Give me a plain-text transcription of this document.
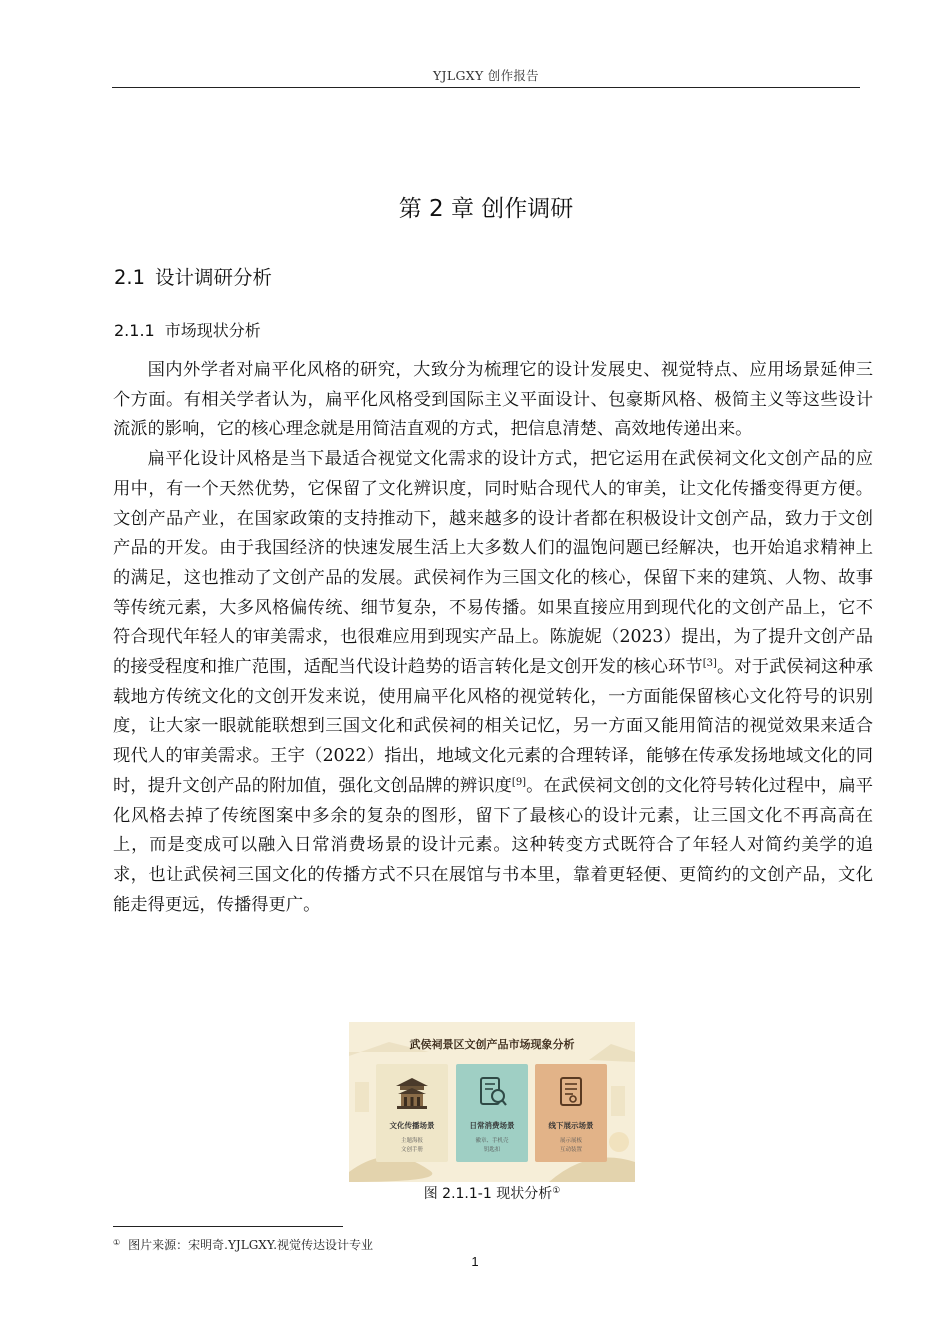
YJLGXY 创作报告
第 2 章 创作调研
2.1 设计调研分析
2.1.1 市场现状分析

国内外学者对扁平化风格的研究，大致分为梳理它的设计发展史、视觉特点、应用场景延伸三个方面。有相关学者认为，扁平化风格受到国际主义平面设计、包豪斯风格、极简主义等这些设计流派的影响，它的核心理念就是用简洁直观的方式，把信息清楚、高效地传递出来。

扁平化设计风格是当下最适合视觉文化需求的设计方式，把它运用在武侯祠文化文创产品的应用中，有一个天然优势，它保留了文化辨识度，同时贴合现代人的审美，让文化传播变得更方便。文创产品产业，在国家政策的支持推动下，越来越多的设计者都在积极设计文创产品，致力于文创产品的开发。由于我国经济的快速发展生活上大多数人们的温饱问题已经解决，也开始追求精神上的满足，这也推动了文创产品的发展。武侯祠作为三国文化的核心，保留下来的建筑、人物、故事等传统元素，大多风格偏传统、细节复杂，不易传播。如果直接应用到现代化的文创产品上，它不符合现代年轻人的审美需求，也很难应用到现实产品上。陈旎妮（2023）提出，为了提升文创产品的接受程度和推广范围，适配当代设计趋势的语言转化是文创开发的核心环节[3]。对于武侯祠这种承载地方传统文化的文创开发来说，使用扁平化风格的视觉转化，一方面能保留核心文化符号的识别度，让大家一眼就能联想到三国文化和武侯祠的相关记忆，另一方面又能用简洁的视觉效果来适合现代人的审美需求。王宇（2022）指出，地域文化元素的合理转译，能够在传承发扬地域文化的同时，提升文创产品的附加值，强化文创品牌的辨识度[9]。在武侯祠文创的文化符号转化过程中，扁平化风格去掉了传统图案中多余的复杂的图形，留下了最核心的设计元素，让三国文化不再高高在上，而是变成可以融入日常消费场景的设计元素。这种转变方式既符合了年轻人对简约美学的追求，也让武侯祠三国文化的传播方式不只在展馆与书本里，靠着更轻便、更简约的文创产品，文化能走得更远，传播得更广。

武侯祠景区文创产品市场现象分析
文化传播场景
主题海报
文创手册
日常消费场景
徽章、手机壳
钥匙扣
线下展示场景
展示展板
互动装置
图 2.1.1-1 现状分析①
① 图片来源：宋明奇.YJLGXY.视觉传达设计专业
1
